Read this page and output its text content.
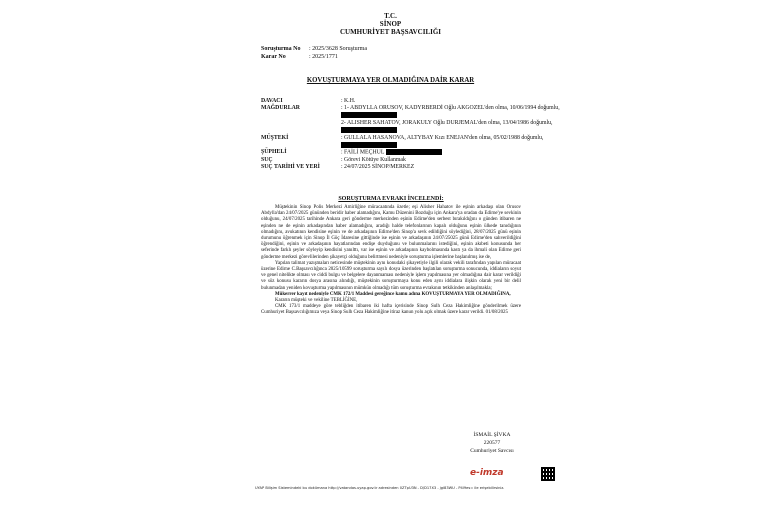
T.C.
SİNOP
CUMHURİYET BAŞSAVCILIĞI
Soruşturma No : 2025/3628 Soruşturma
Karar No	: 2025/1771
KOVUŞTURMAYA YER OLMADIĞINA DAİR KARAR
DAVACI	: K.H.
MAĞDURLAR	: 1- ABDYLLA ORUSOV, KADYRBERDİ Oğlu AKGOZEL'den olma, 10/06/1994 doğumlu,
2- ALISHER SAHATOV, JORAKULY Oğlu DURJEMAL'den olma, 13/04/1986 doğumlu,
MÜŞTEKİ	: GULLALA HASANOVA, ALTYBAY Kızı ENEJAN'den olma, 05/02/1988 doğumlu,
ŞÜPHELİ	: FAİLİ MEÇHUL
SUÇ	: Görevi Kötüye Kullanmak
SUÇ TARİHİ VE YERİ	: 24/07/2025 SİNOP/MERKEZ
SORUŞTURMA EVRAKI İNCELENDİ:

Müştekinin Sinop Polis Merkezi Amirliğine müracaatında özetle; eşi Alisher Hahatov ile eşinin arkadaşı olan Orusov Abdylla'dan 24/07/2025 gününden beridir haber alamadığını, Kamu Düzenini Bozduğu için Ankara'ya oradan da Edirne'ye sevkinin olduğunu, 24/07/2025 tarihinde Ankara geri gönderme merkezinden eşinin Edirne'den serbest bırakıldığını o günden itibaren ne eşinden ne de eşinin arkadaşından haber alamadığını, aradığı halde telefonlarının kapalı olduğunu eşinin ülkede tanıdığının olmadığını, avukatının kendisine eşinin ve de arkadaşının Edirne'den Sinop'a sevk edildiğini söylediğini, 28/07/2025 günü eşinin durumunu öğrenmek için Sinop İl Göç İdaresine gittiğinde ise eşinin ve arkadaşının 24/07/25025 günü Edirne'den salıverildiğini öğrendiğini, eşinin ve arkadaşının hayatlarından endişe duyduğunu ve bulunmalarını istediğini, eşinin akıbeti konusunda her seferinde farklı şeyler söyleyip kendisini yanılttı, var ise eşinin ve arkadaşının kaybolmasında kastı ya da ihmali olan Edirne geri gönderme merkezi görevlilerinden şikayetçi olduğunu belirtmesi nedeniyle soruşturma işlemlerine başlanılmış ise de,

Yapılan talimat yazışmaları neticesinde müştekinin aynı konudaki şikayetiyle ilgili olarak vekili tarafından yapılan müracaat üzerine Edirne C.Başsavcılığınca 2025/10599 soruşturma sayılı dosya üzerinden başlatılan soruşturma sonucunda, iddiaların soyut ve genel nitelikte olması ve ciddi bulgu ve belgelere dayanmaması nedeniyle işlem yapılmasına yer olmadığına dair karar verildiği ve söz konusu kararın dosya arasına alındığı, müştekinin soruşturmaya konu eden aynı iddialara ilişkin olarak yeni bir delil bulunmadan yeniden kovuşturma yapılmasının mümkün olmadığı tüm soruşturma evrakının tetkikinden anlaşılmakla;

Mükerrer kayıt nedeniyle CMK 172/1 Maddesi gereğince kamu adına KOVUŞTURMAYA YER OLMADIĞINA,

Kararın müşteki ve vekiline TEBLİĞİNE,

CMK 173/1 maddeye göre tebliğden itibaren iki hafta içerisinde Sinop Sulh Ceza Hakimliğine gönderilmek üzere Cumhuriyet Başsavcılığımıza veya Sinop Sulh Ceza Hakimliğine itiraz kanun yolu açık olmak üzere karar verildi. 01/08/2025

İSMAİL ŞİVKA
220577
Cumhuriyet Savcısı
e-imza
UYAP Bilişim Sistemindeki bu dokümana http://vatandas.uyap.gov.tr adresinden 0ZTpU3N - D/D17X3 - jgi83WU - P4l9es= ile erişebilirsiniz.
